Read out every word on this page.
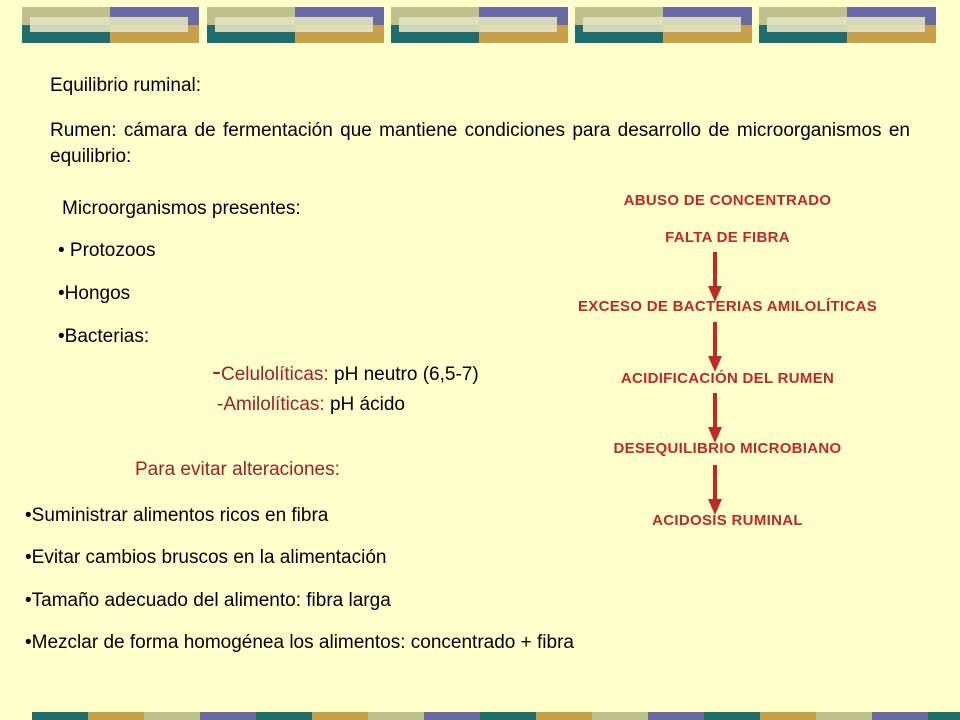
Equilibrio ruminal:
Rumen: cámara de fermentación que mantiene condiciones para desarrollo de microorganismos en equilibrio:
Microorganismos presentes:
• Protozoos
•Hongos
•Bacterias:
-Celulolíticas: pH neutro (6,5-7)
-Amilolíticas: pH ácido
Para evitar alteraciones:
•Suministrar alimentos ricos en fibra
•Evitar cambios bruscos en la alimentación
•Tamaño adecuado del alimento: fibra larga
•Mezclar de forma homogénea los alimentos: concentrado + fibra
ABUSO DE CONCENTRADO
FALTA DE FIBRA
EXCESO DE BACTERIAS AMILOLÍTICAS
ACIDIFICACIÓN DEL RUMEN
DESEQUILIBRIO MICROBIANO
ACIDOSIS RUMINAL
